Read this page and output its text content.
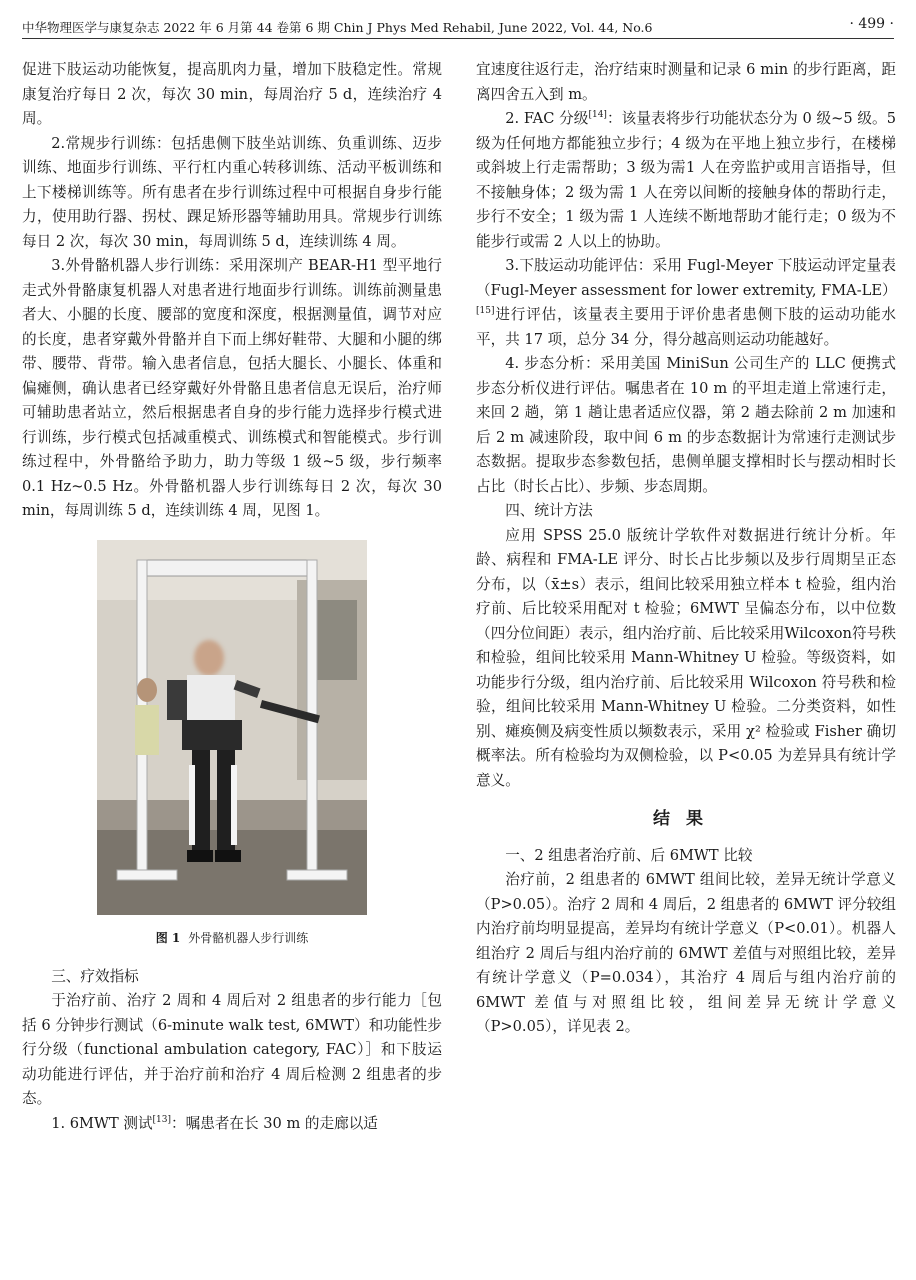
中华物理医学与康复杂志 2022 年 6 月第 44 卷第 6 期 Chin J Phys Med Rehabil, June 2022, Vol. 44, No.6	· 499 ·

促进下肢运动功能恢复，提高肌肉力量，增加下肢稳定性。常规康复治疗每日 2 次，每次 30 min，每周治疗 5 d，连续治疗 4 周。

2.常规步行训练：包括患侧下肢坐站训练、负重训练、迈步训练、地面步行训练、平行杠内重心转移训练、活动平板训练和上下楼梯训练等。所有患者在步行训练过程中可根据自身步行能力，使用助行器、拐杖、踝足矫形器等辅助用具。常规步行训练每日 2 次，每次 30 min，每周训练 5 d，连续训练 4 周。

3.外骨骼机器人步行训练：采用深圳产 BEAR-H1 型平地行走式外骨骼康复机器人对患者进行地面步行训练。训练前测量患者大、小腿的长度、腰部的宽度和深度，根据测量值，调节对应的长度，患者穿戴外骨骼并自下而上绑好鞋带、大腿和小腿的绑带、腰带、背带。输入患者信息，包括大腿长、小腿长、体重和偏瘫侧，确认患者已经穿戴好外骨骼且患者信息无误后，治疗师可辅助患者站立，然后根据患者自身的步行能力选择步行模式进行训练，步行模式包括减重模式、训练模式和智能模式。步行训练过程中，外骨骼给予助力，助力等级 1 级~5 级，步行频率 0.1 Hz~0.5 Hz。外骨骼机器人步行训练每日 2 次，每次 30 min，每周训练 5 d，连续训练 4 周，见图 1。

图 1 外骨骼机器人步行训练

三、疗效指标

于治疗前、治疗 2 周和 4 周后对 2 组患者的步行能力［包括 6 分钟步行测试（6-minute walk test, 6MWT）和功能性步行分级（functional ambulation category, FAC）］和下肢运动功能进行评估，并于治疗前和治疗 4 周后检测 2 组患者的步态。

1. 6MWT 测试[13]：嘱患者在长 30 m 的走廊以适

宜速度往返行走，治疗结束时测量和记录 6 min 的步行距离，距离四舍五入到 m。

2. FAC 分级[14]：该量表将步行功能状态分为 0 级~5 级。5 级为任何地方都能独立步行；4 级为在平地上独立步行，在楼梯或斜坡上行走需帮助；3 级为需1 人在旁监护或用言语指导，但不接触身体；2 级为需 1 人在旁以间断的接触身体的帮助行走，步行不安全；1 级为需 1 人连续不断地帮助才能行走；0 级为不能步行或需 2 人以上的协助。

3.下肢运动功能评估：采用 Fugl-Meyer 下肢运动评定量表（Fugl-Meyer assessment for lower extremity, FMA-LE）[15]进行评估，该量表主要用于评价患者患侧下肢的运动功能水平，共 17 项，总分 34 分，得分越高则运动功能越好。

4. 步态分析：采用美国 MiniSun 公司生产的 LLC 便携式步态分析仪进行评估。嘱患者在 10 m 的平坦走道上常速行走，来回 2 趟，第 1 趟让患者适应仪器，第 2 趟去除前 2 m 加速和后 2 m 减速阶段，取中间 6 m 的步态数据计为常速行走测试步态数据。提取步态参数包括，患侧单腿支撑相时长与摆动相时长占比（时长占比）、步频、步态周期。

四、统计方法

应用 SPSS 25.0 版统计学软件对数据进行统计分析。年龄、病程和 FMA-LE 评分、时长占比步频以及步行周期呈正态分布，以（x̄±s）表示，组间比较采用独立样本 t 检验，组内治疗前、后比较采用配对 t 检验；6MWT 呈偏态分布，以中位数（四分位间距）表示，组内治疗前、后比较采用Wilcoxon符号秩和检验，组间比较采用 Mann-Whitney U 检验。等级资料，如功能步行分级，组内治疗前、后比较采用 Wilcoxon 符号秩和检验，组间比较采用 Mann-Whitney U 检验。二分类资料，如性别、瘫痪侧及病变性质以频数表示，采用 χ² 检验或 Fisher 确切概率法。所有检验均为双侧检验，以 P<0.05 为差异具有统计学意义。

结果

一、2 组患者治疗前、后 6MWT 比较

治疗前，2 组患者的 6MWT 组间比较，差异无统计学意义（P>0.05）。治疗 2 周和 4 周后，2 组患者的 6MWT 评分较组内治疗前均明显提高，差异均有统计学意义（P<0.01）。机器人组治疗 2 周后与组内治疗前的 6MWT 差值与对照组比较，差异有统计学意义（P=0.034），其治疗 4 周后与组内治疗前的 6MWT 差值与对照组比较，组间差异无统计学意义（P>0.05），详见表 2。
